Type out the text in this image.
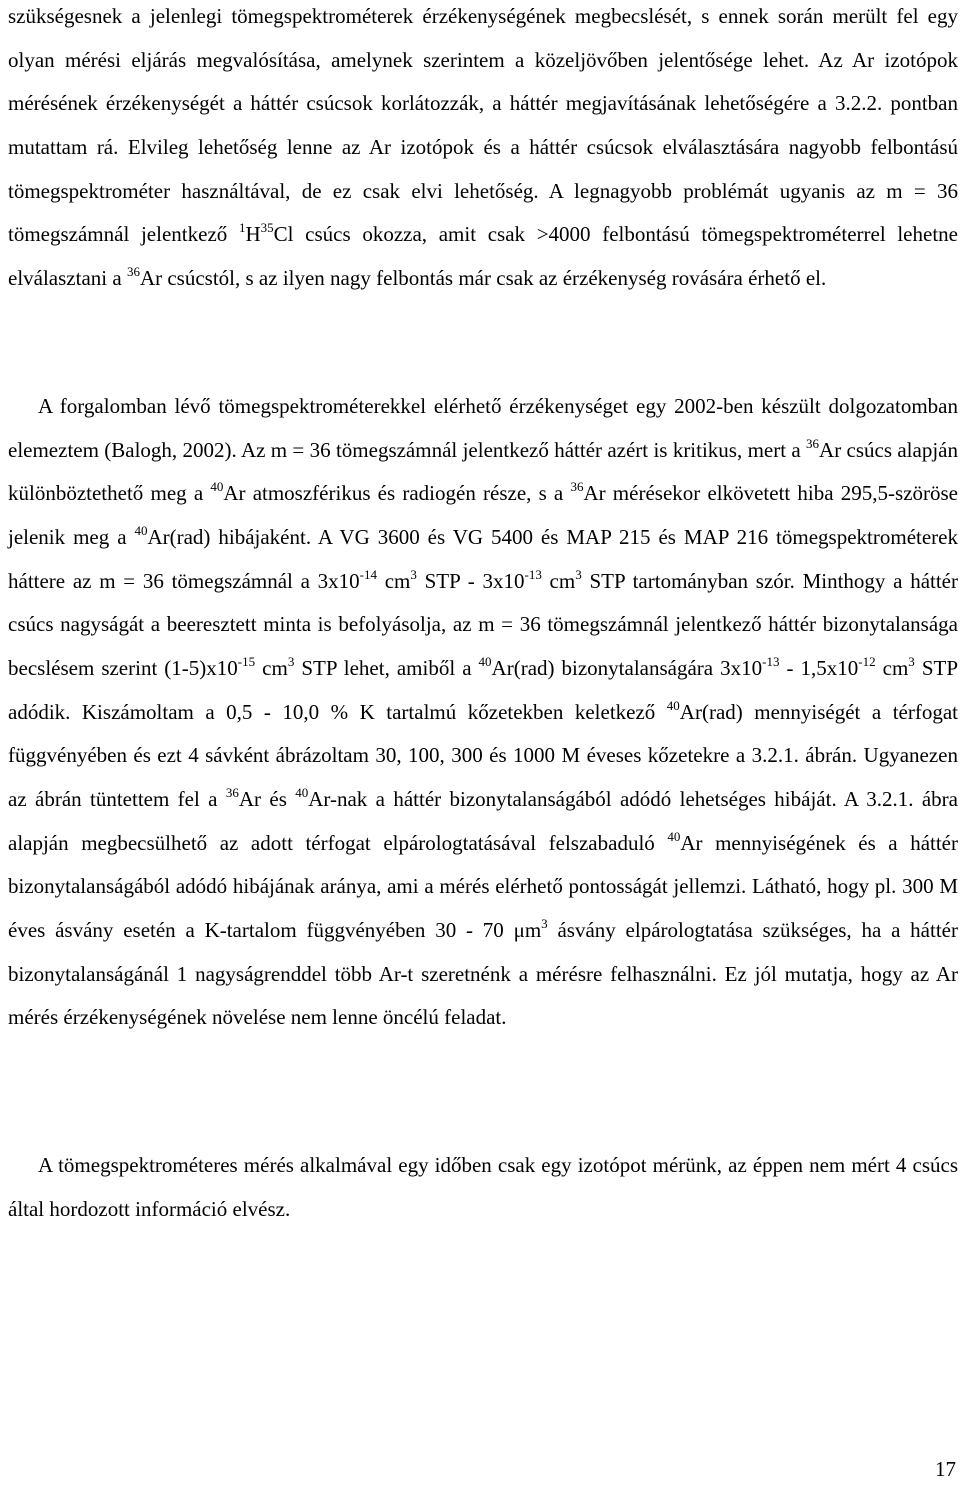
szükségesnek a jelenlegi tömegspektrométerek érzékenységének megbecslését, s ennek során merült fel egy olyan mérési eljárás megvalósítása, amelynek szerintem a közeljövőben jelentősége lehet. Az Ar izotópok mérésének érzékenységét a háttér csúcsok korlátozzák, a háttér megjavításának lehetőségére a 3.2.2. pontban mutattam rá. Elvileg lehetőség lenne az Ar izotópok és a háttér csúcsok elválasztására nagyobb felbontású tömegspektrométer használtával, de ez csak elvi lehetőség. A legnagyobb problémát ugyanis az m = 36 tömegszámnál jelentkező $^1H^{35}Cl$ csúcs okozza, amit csak >4000 felbontású tömegspektrométerrel lehetne elválasztani a $^{36}$Ar csúcstól, s az ilyen nagy felbontás már csak az érzékenység rovására érhető el.

A forgalomban lévő tömegspektrométerekkel elérhető érzékenységet egy 2002-ben készült dolgozatomban elemeztem (Balogh, 2002). Az m = 36 tömegszámnál jelentkező háttér azért is kritikus, mert a $^{36}$Ar csúcs alapján különböztethető meg a $^{40}$Ar atmoszférikus és radiogén része, s a $^{36}$Ar mérésekor elkövetett hiba 295,5-szöröse jelenik meg a $^{40}$Ar(rad) hibájaként. A VG 3600 és VG 5400 és MAP 215 és MAP 216 tömegspektrométerek háttere az m = 36 tömegszámnál a $3x10^{-14}$ $cm^3$ STP - $3x10^{-13}$ $cm^3$ STP tartományban szór. Minthogy a háttér csúcs nagyságát a beeresztett minta is befolyásolja, az m = 36 tömegszámnál jelentkező háttér bizonytalansága becslésem szerint $(1-5)x10^{-15}$ $cm^3$ STP lehet, amiből a $^{40}$Ar(rad) bizonytalanságára $3x10^{-13} - 1,5x10^{-12}$ $cm^3$ STP adódik. Kiszámoltam a 0,5 - 10,0 % K tartalmú kőzetekben keletkező $^{40}$Ar(rad) mennyiségét a térfogat függvényében és ezt 4 sávként ábrázoltam 30, 100, 300 és 1000 M éveses kőzetekre a 3.2.1. ábrán. Ugyanezen az ábrán tüntettem fel a $^{36}$Ar és $^{40}$Ar-nak a háttér bizonytalanságából adódó lehetséges hibáját. A 3.2.1. ábra alapján megbecsülhető az adott térfogat elpárologtatásával felszabaduló $^{40}$Ar mennyiségének és a háttér bizonytalanságából adódó hibájának aránya, ami a mérés elérhető pontosságát jellemzi. Látható, hogy pl. 300 M éves ásvány esetén a K-tartalom függvényében 30 - 70 $\mu m^3$ ásvány elpárologtatása szükséges, ha a háttér bizonytalanságánál 1 nagyságrenddel több Ar-t szeretnénk a mérésre felhasználni. Ez jól mutatja, hogy az Ar mérés érzékenységének növelése nem lenne öncélú feladat.

A tömegspektrométeres mérés alkalmával egy időben csak egy izotópot mérünk, az éppen nem mért 4 csúcs által hordozott információ elvész.

17
